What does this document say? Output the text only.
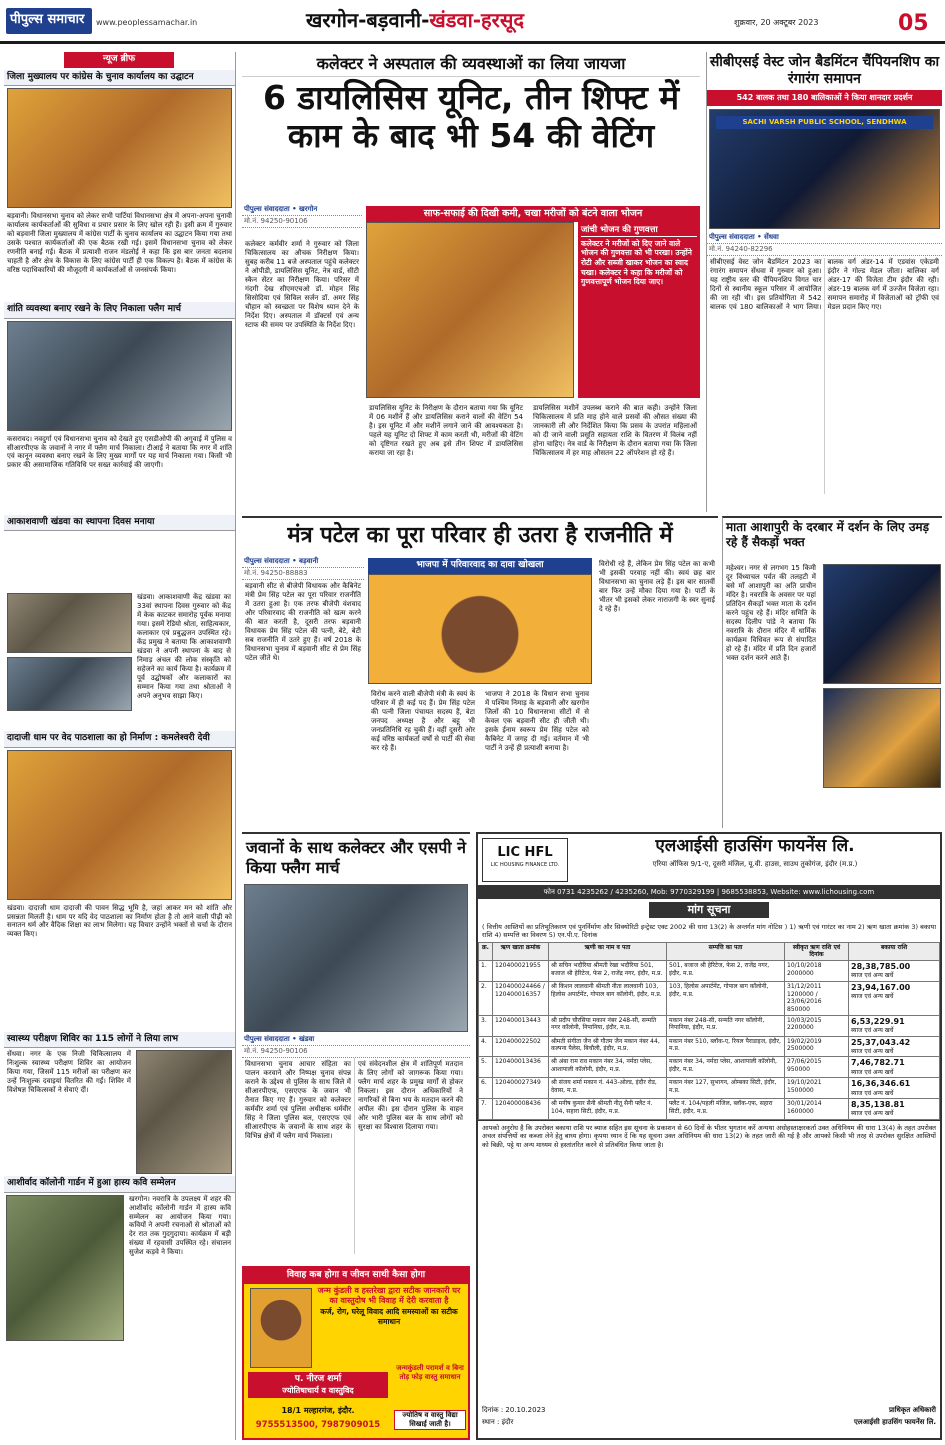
पीपुल्स समाचार	www.peoplessamachar.in	खरगोन-बड़वानी-खंडवा-हरसूद	शुक्रवार, 20 अक्टूबर 2023	05
न्यूज ब्रीफ
जिला मुख्यालय पर कांग्रेस के चुनाव कार्यालय का उद्घाटन
बड़वानी। विधानसभा चुनाव को लेकर सभी पार्टियां विधानसभा क्षेत्र में अपना-अपना चुनावी कार्यालय कार्यकर्ताओं की सुविधा व प्रचार प्रसार के लिए खोल रही हैं। इसी क्रम में गुरुवार को बड़वानी जिला मुख्यालय में कांग्रेस पार्टी के चुनाव कार्यालय का उद्घाटन किया गया तथा उसके पश्चात कार्यकर्ताओं की एक बैठक रखी गई। इसमें विधानसभा चुनाव को लेकर रणनीति बनाई गई। बैठक में प्रत्याशी राजन मंडलोई ने कहा कि इस बार जनता बदलाव चाहती है और क्षेत्र के विकास के लिए कांग्रेस पार्टी ही एक विकल्प है। बैठक में कांग्रेस के वरिष्ठ पदाधिकारियों की मौजूदगी में कार्यकर्ताओं से जनसंपर्क किया।
शांति व्यवस्था बनाए रखने के लिए निकाला फ्लैग मार्च
कसरावद। नवदुर्गा एवं विधानसभा चुनाव को देखते हुए एसडीओपी की अगुवाई में पुलिस व सीआरपीएफ के जवानों ने नगर में फ्लैग मार्च निकाला। टीआई ने बताया कि नगर में शांति एवं कानून व्यवस्था बनाए रखने के लिए मुख्य मार्गों पर यह मार्च निकाला गया। किसी भी प्रकार की असामाजिक गतिविधि पर सख्त कार्रवाई की जाएगी।
आकाशवाणी खंडवा का स्थापना दिवस मनाया
खंडवा। आकाशवाणी केंद्र खंडवा का 33वां स्थापना दिवस गुरुवार को केंद्र में केक काटकर समारोह पूर्वक मनाया गया। इसमें रेडियो श्रोता, साहित्यकार, कलाकार एवं प्रबुद्धजन उपस्थित रहे। केंद्र प्रमुख ने बताया कि आकाशवाणी खंडवा ने अपनी स्थापना के बाद से निमाड़ अंचल की लोक संस्कृति को सहेजने का कार्य किया है। कार्यक्रम में पूर्व उद्घोषकों और कलाकारों का सम्मान किया गया तथा श्रोताओं ने अपने अनुभव साझा किए।
दादाजी धाम पर वेद पाठशाला का हो निर्माण : कमलेश्वरी देवी
खंडवा। दादाजी धाम दादाजी की पावन सिद्ध भूमि है, जहां आकर मन को शांति और प्रसन्नता मिलती है। धाम पर यदि वेद पाठशाला का निर्माण होता है तो आने वाली पीढ़ी को सनातन धर्म और वैदिक शिक्षा का लाभ मिलेगा। यह विचार उन्होंने भक्तों से चर्चा के दौरान व्यक्त किए।
स्वास्थ्य परीक्षण शिविर का 115 लोगों ने लिया लाभ
सेंधवा। नगर के एक निजी चिकित्सालय में निःशुल्क स्वास्थ्य परीक्षण शिविर का आयोजन किया गया, जिसमें 115 मरीजों का परीक्षण कर उन्हें निःशुल्क दवाइयां वितरित की गईं। शिविर में विशेषज्ञ चिकित्सकों ने सेवाएं दीं।
आशीर्वाद कॉलोनी गार्डन में हुआ हास्य कवि सम्मेलन
खरगोन। नवरात्रि के उपलक्ष्य में शहर की आशीर्वाद कॉलोनी गार्डन में हास्य कवि सम्मेलन का आयोजन किया गया। कवियों ने अपनी रचनाओं से श्रोताओं को देर रात तक गुदगुदाया। कार्यक्रम में बड़ी संख्या में रहवासी उपस्थित रहे। संचालन सुजेश कड़वे ने किया।
कलेक्टर ने अस्पताल की व्यवस्थाओं का लिया जायजा
6 डायलिसिस यूनिट, तीन शिफ्ट में काम के बाद भी 54 की वेटिंग
पीपुल्स संवाददाता • खरगोन
मो.नं. 94250-90106
साफ-सफाई की दिखी कमी, चखा मरीजों को बंटने वाला भोजन
जांची भोजन की गुणवत्ता
कलेक्टर ने मरीजों को दिए जाने वाले भोजन की गुणवत्ता को भी परखा। उन्होंने रोटी और सब्जी खाकर भोजन का स्वाद चखा। कलेक्टर ने कहा कि मरीजों को गुणवत्तापूर्ण भोजन दिया जाए।
कलेक्टर कर्मवीर शर्मा ने गुरुवार को जिला चिकित्सालय का औचक निरीक्षण किया। सुबह करीब 11 बजे अस्पताल पहुंचे कलेक्टर ने ओपीडी, डायलिसिस यूनिट, नेत्र वार्ड, सीटी स्कैन सेंटर का निरीक्षण किया। परिसर में गंदगी देख सीएमएचओ डॉ. मोहन सिंह सिसोदिया एवं सिविल सर्जन डॉ. अमर सिंह चौहान को स्वच्छता पर विशेष ध्यान देने के निर्देश दिए। अस्पताल में डॉक्टर्स एवं अन्य स्टाफ की समय पर उपस्थिति के निर्देश दिए।
डायलिसिस यूनिट के निरीक्षण के दौरान बताया गया कि यूनिट में 06 मशीनें हैं और डायलिसिस कराने वालों की वेटिंग 54 है। इस यूनिट में और मशीनें लगाने जाने की आवश्यकता है। पहले यह यूनिट दो शिफ्ट में काम करती थी, मरीजों की वेटिंग को दृष्टिगत रखते हुए अब इसे तीन शिफ्ट में डायलिसिस कराया जा रहा है।
डायलिसिस मशीनें उपलब्ध कराने की बात कही। उन्होंने जिला चिकित्सालय में प्रति माह होने वाले प्रसवों की औसत संख्या की जानकारी ली और निर्देशित किया कि प्रसव के उपरांत महिलाओं को दी जाने वाली प्रसूति सहायता राशि के वितरण में विलंब नहीं होना चाहिए। नेत्र वार्ड के निरीक्षण के दौरान बताया गया कि जिला चिकित्सालय में हर माह औसतन 22 ऑपरेशन हो रहे हैं।
सीबीएसई वेस्ट जोन बैडमिंटन चैंपियनशिप का रंगारंग समापन
542 बालक तथा 180 बालिकाओं ने किया शानदार प्रदर्शन
SACHI VARSH PUBLIC SCHOOL, SENDHWA
पीपुल्स संवाददाता • सेंधवा
मो.नं. 94240-82296
सीबीएसई वेस्ट जोन बैडमिंटन 2023 का रंगारंग समापन सेंधवा में गुरुवार को हुआ। यह राष्ट्रीय स्तर की चैंपियनशिप विगत चार दिनों से स्थानीय स्कूल परिसर में आयोजित की जा रही थी। इस प्रतियोगिता में 542 बालक एवं 180 बालिकाओं ने भाग लिया। बालक वर्ग अंडर-14 में एडवांस एकेडमी इंदौर ने गोल्ड मेडल जीता। बालिका वर्ग अंडर-17 की विजेता टीम इंदौर की रही। अंडर-19 बालक वर्ग में उज्जैन विजेता रहा। समापन समारोह में विजेताओं को ट्रॉफी एवं मेडल प्रदान किए गए।
मंत्र पटेल का पूरा परिवार ही उतरा है राजनीति में
पीपुल्स संवाददाता • बड़वानी
मो.नं. 94250-88883
बड़वानी सीट से बीजेपी विधायक और कैबिनेट मंत्री प्रेम सिंह पटेल का पूरा परिवार राजनीति में उतरा हुआ है। एक तरफ बीजेपी वंशवाद और परिवारवाद की राजनीति को खत्म करने की बात करती है, दूसरी तरफ बड़वानी विधायक प्रेम सिंह पटेल की पत्नी, बेटे, बेटी सब राजनीति में उतरे हुए हैं। वर्ष 2018 के विधानसभा चुनाव में बड़वानी सीट से प्रेम सिंह पटेल जीते थे।
भाजपा में परिवारवाद का दावा खोखला
विरोध करने वाली बीजेपी मंत्री के स्वयं के परिवार में ही कई पद हैं। प्रेम सिंह पटेल की पत्नी जिला पंचायत सदस्य हैं, बेटा जनपद अध्यक्ष है और बहू भी जनप्रतिनिधि रह चुकी हैं। वहीं दूसरी ओर कई वरिष्ठ कार्यकर्ता वर्षों से पार्टी की सेवा कर रहे हैं।
भाजपा ने 2018 के विधान सभा चुनाव में पश्चिम निमाड़ के बड़वानी और खरगोन जिलों की 10 विधानसभा सीटों में से केवल एक बड़वानी सीट ही जीती थी। इसके ईनाम स्वरूप प्रेम सिंह पटेल को कैबिनेट में जगह दी गई। वर्तमान में भी पार्टी ने उन्हें ही प्रत्याशी बनाया है।
विरोधी रहे हैं, लेकिन प्रेम सिंह पटेल का कभी भी इसकी परवाह नहीं की। स्वयं छह बार विधानसभा का चुनाव लड़े हैं। इस बार सातवीं बार फिर उन्हें मौका दिया गया है। पार्टी के भीतर भी इसको लेकर नाराजगी के स्वर सुनाई दे रहे हैं।
माता आशापुरी के दरबार में दर्शन के लिए उमड़ रहे हैं सैकड़ों भक्त
महेश्वर। नगर से लगभग 15 किमी दूर विंध्याचल पर्वत की तलहटी में बसे माँ आशापुरी का अति प्राचीन मंदिर है। नवरात्रि के अवसर पर यहां प्रतिदिन सैकड़ों भक्त माता के दर्शन करने पहुंच रहे हैं। मंदिर समिति के सदस्य दिलीप पांडे ने बताया कि नवरात्रि के दौरान मंदिर में धार्मिक कार्यक्रम विधिवत रूप से संपादित हो रहे हैं। मंदिर में प्रति दिन हजारों भक्त दर्शन करने आते हैं।
जवानों के साथ कलेक्टर और एसपी ने किया फ्लैग मार्च
पीपुल्स संवाददाता • खंडवा
मो.नं. 94250-90106
विधानसभा चुनाव आचार संहिता का पालन करवाने और निष्पक्ष चुनाव संपन्न कराने के उद्देश्य से पुलिस के साथ जिले में सीआरपीएफ, एसएएफ के जवान भी तैनात किए गए हैं। गुरुवार को कलेक्टर कर्मवीर शर्मा एवं पुलिस अधीक्षक धर्मवीर सिंह ने जिला पुलिस बल, एसएएफ एवं सीआरपीएफ के जवानों के साथ शहर के विभिन्न क्षेत्रों में फ्लैग मार्च निकाला।
एवं संवेदनशील क्षेत्र में शांतिपूर्ण मतदान के लिए लोगों को जागरूक किया गया। फ्लैग मार्च शहर के प्रमुख मार्गों से होकर निकला। इस दौरान अधिकारियों ने नागरिकों से बिना भय के मतदान करने की अपील की। इस दौरान पुलिस के वाहन और भारी पुलिस बल के साथ लोगों को सुरक्षा का विश्वास दिलाया गया।
विवाह कब होगा व जीवन साथी कैसा होगा
जन्म कुंडली व हस्तरेखा द्वारा सटीक जानकारी घर का वास्तुदोष भी विवाह में देरी करवाता है
कर्ज, रोग, घरेलू विवाद आदि समस्याओं का सटीक समाधान
जन्मकुंडली परामर्श व बिना तोड़ फोड़ वास्तु समाधान
प. नीरज शर्मा
ज्योतिषाचार्य व वास्तुविद
18/1 मल्हारगंज, इंदौर.
9755513500, 7987909015
ज्योतिष व वास्तु विद्या सिखाई जाती है।
LIC HFL
LIC HOUSING FINANCE LTD.
एलआईसी हाउसिंग फायनेंस लि.
एरिया ऑफिस 9/1-ए, दूसरी मंजिल, यू.वी. हाउस, साउथ तुकोगंज, इंदौर (म.प्र.)
फोन 0731 4235262 / 4235260, Mob: 9770329199 | 9685538853, Website: www.lichousing.com
मांग सूचना
( वित्तीय आस्तियों का प्रतिभूतिकरण एवं पुनर्निर्माण और सिक्योरिटी इन्ट्रेस्ट एक्ट 2002 की धारा 13(2) के अन्तर्गत मांग नोटिस ) 1) ऋणी एवं गारंटर का नाम 2) ऋण खाता क्रमांक 3) बकाया राशि 4) सम्पत्ति का विवरण 5) एन.पी.ए. दिनांक
क्र.	ऋण खाता क्रमांक	ऋणी का नाम व पता	सम्पत्ति का पता	स्वीकृत ऋण राशि एवं दिनांक	बकाया राशि
1.	120400021955	श्री सचिन भदौरिया श्रीमती रेखा भदौरिया 501, बजाज श्री हेरिटेज, फेस 2, राजेंद्र नगर, इंदौर, म.प्र.	501, बजाज श्री हेरिटेज, फेस 2, राजेंद्र नगर, इंदौर, म.प्र.	10/10/2018 2000000	28,38,785.00
ब्याज एवं अन्य खर्चे

2.	120400024466 / 120400016357	श्री किशन लालवानी श्रीमती नीता लालवानी 103, हिलोस अपार्टमेंट, गोपाल बाग कॉलोनी, इंदौर, म.प्र.	103, हिलोस अपार्टमेंट, गोपाल बाग कॉलोनी, इंदौर, म.प्र.	31/12/2011 1200000 / 23/06/2016 850000	23,94,167.00
ब्याज एवं अन्य खर्चे

3.	120400013443	श्री प्रदीप चौरसिया मकान नंबर 248-सी, सन्मति नगर कॉलोनी, निपानिया, इंदौर, म.प्र.	मकान नंबर 248-सी, सन्मति नगर कॉलोनी, निपानिया, इंदौर, म.प्र.	10/03/2015 2200000	6,53,229.91
ब्याज एवं अन्य खर्चे

4.	120400022502	श्रीमती संगीता जैन श्री गौतम जैन मकान नंबर 44, कल्पना पैलेस, बिचौली, इंदौर, म.प्र.	मकान नंबर 510, ब्लॉक-ए, रियल पैराडाइज, इंदौर, म.प्र.	19/02/2019 2500000	25,37,043.42
ब्याज एवं अन्य खर्चे

5.	120400013436	श्री अंबा राम राव मकान नंबर 34, नर्मदा प्लेस, आशापाली कॉलोनी, इंदौर, म.प्र.	मकान नंबर 34, नर्मदा प्लेस, आशापाली कॉलोनी, इंदौर, म.प्र.	27/06/2015 950000	7,46,782.71
ब्याज एवं अन्य खर्चे

6.	120400027349	श्री संजय शर्मा मकान नं. 443-ओल्ड, इंदौर रोड, देवास, म.प्र.	मकान नंबर 127, सुभागन, ओम्बका सिटी, इंदौर, म.प्र.	19/10/2021 1500000	16,36,346.61
ब्याज एवं अन्य खर्चे

7.	120400008436	श्री मनीष कुमार सैनी श्रीमती नीतू सैनी फ्लैट नं. 104, सहारा सिटी, इंदौर, म.प्र.	फ्लैट नं. 104/पहली मंजिल, ब्लॉक-एफ, सहारा सिटी, इंदौर, म.प्र.	30/01/2014 1600000	8,35,138.81
ब्याज एवं अन्य खर्चे
आपको अनुरोध है कि उपरोक्त बकाया राशि पर ब्याज सहित इस सूचना के प्रकाशन से 60 दिनों के भीतर भुगतान करें अन्यथा अधोहस्ताक्षरकर्ता उक्त अधिनियम की धारा 13(4) के तहत उपरोक्त अचल संपत्तियों का कब्जा लेने हेतु बाध्य होगा। कृपया ध्यान दें कि यह सूचना उक्त अधिनियम की धारा 13(2) के तहत जारी की गई है और आपको किसी भी तरह से उपरोक्त सुरक्षित आस्तियों को बिक्री, पट्टे या अन्य माध्यम से हस्तांतरित करने से प्रतिबंधित किया जाता है।
दिनांक : 20.10.2023
स्थान : इंदौर
प्राधिकृत अधिकारी
एलआईसी हाउसिंग फायनेंस लि.
